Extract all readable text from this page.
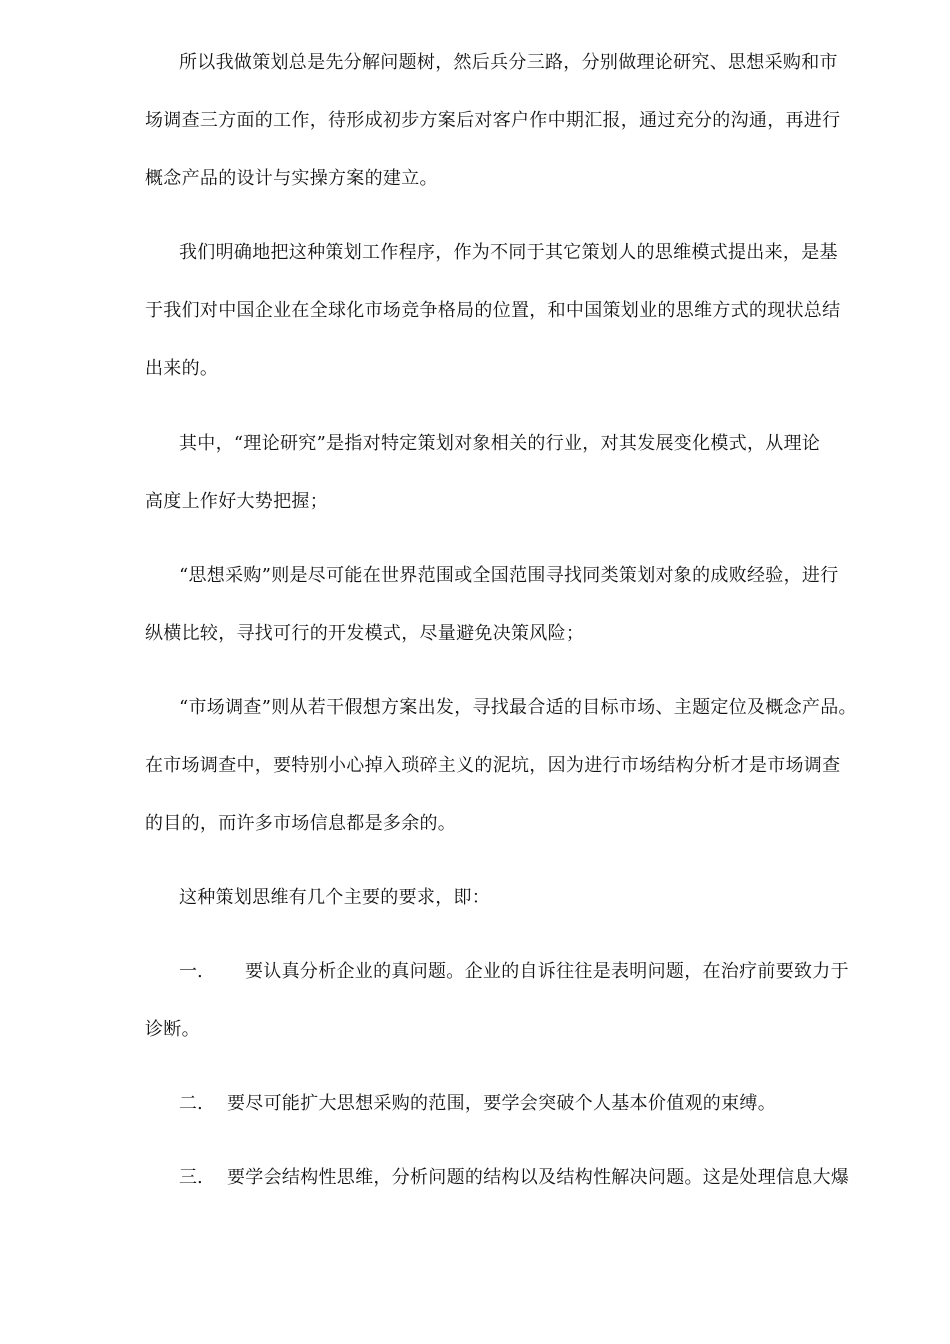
所以我做策划总是先分解问题树，然后兵分三路，分别做理论研究、思想采购和市
场调查三方面的工作，待形成初步方案后对客户作中期汇报，通过充分的沟通，再进行
概念产品的设计与实操方案的建立。
我们明确地把这种策划工作程序，作为不同于其它策划人的思维模式提出来，是基
于我们对中国企业在全球化市场竞争格局的位置，和中国策划业的思维方式的现状总结
出来的。
其中，“理论研究”是指对特定策划对象相关的行业，对其发展变化模式，从理论
高度上作好大势把握；
“思想采购”则是尽可能在世界范围或全国范围寻找同类策划对象的成败经验，进行
纵横比较，寻找可行的开发模式，尽量避免决策风险；
“市场调查”则从若干假想方案出发，寻找最合适的目标市场、主题定位及概念产品。
在市场调查中，要特别小心掉入琐碎主义的泥坑，因为进行市场结构分析才是市场调查
的目的，而许多市场信息都是多余的。
这种策划思维有几个主要的要求，即：
一. 要认真分析企业的真问题。企业的自诉往往是表明问题，在治疗前要致力于
诊断。
二. 要尽可能扩大思想采购的范围，要学会突破个人基本价值观的束缚。
三. 要学会结构性思维，分析问题的结构以及结构性解决问题。这是处理信息大爆
